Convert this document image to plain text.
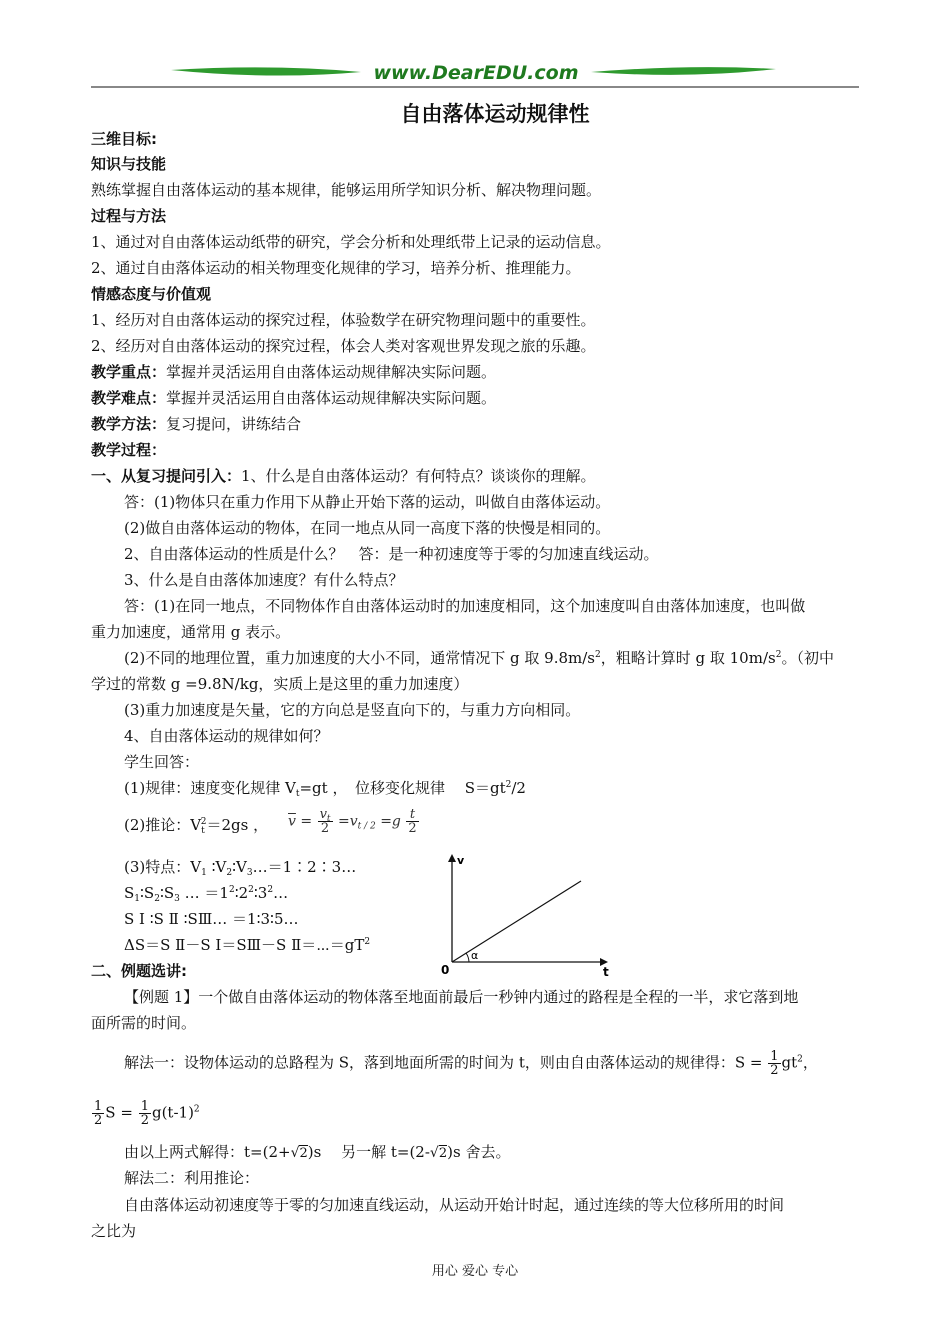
www.DearEDU.com
自由落体运动规律性
三维目标:
知识与技能
熟练掌握自由落体运动的基本规律，能够运用所学知识分析、解决物理问题。
过程与方法
1、通过对自由落体运动纸带的研究，学会分析和处理纸带上记录的运动信息。
2、通过自由落体运动的相关物理变化规律的学习，培养分析、推理能力。
情感态度与价值观
1、经历对自由落体运动的探究过程，体验数学在研究物理问题中的重要性。
2、经历对自由落体运动的探究过程，体会人类对客观世界发现之旅的乐趣。
教学重点：掌握并灵活运用自由落体运动规律解决实际问题。
教学难点：掌握并灵活运用自由落体运动规律解决实际问题。
教学方法：复习提问，讲练结合
教学过程：
一、从复习提问引入：1、什么是自由落体运动？有何特点？谈谈你的理解。
答：(1)物体只在重力作用下从静止开始下落的运动，叫做自由落体运动。
(2)做自由落体运动的物体，在同一地点从同一高度下落的快慢是相同的。
2、自由落体运动的性质是什么？　答：是一种初速度等于零的匀加速直线运动。
3、什么是自由落体加速度？有什么特点？
答：(1)在同一地点，不同物体作自由落体运动时的加速度相同，这个加速度叫自由落体加速度，也叫做
重力加速度，通常用 g 表示。
(2)不同的地理位置，重力加速度的大小不同，通常情况下 g 取 $9.8m/s^2$，粗略计算时 g 取 $10m/s^2$。（初中
学过的常数 g =9.8N/kg，实质上是这里的重力加速度）
(3)重力加速度是矢量，它的方向总是竖直向下的，与重力方向相同。
4、自由落体运动的规律如何？
学生回答：
(1)规律：速度变化规律 $V_t=gt$ ，　位移变化规律　 $S=gt^2/2$
(2)推论：$V_t^2=2gs$ ， $\overline{v} = \frac{v_t}{2} =v_{t / 2} =g \frac{t}{2}$
(3)特点：$V_1$ $∶V_2∶V_3\dots=1∶2∶3\dots$
$S_1∶S_2∶S_3$ … $=1^2∶2^2∶3^2\dots$
S Ⅰ ∶S Ⅱ ∶SⅢ… ＝1∶3∶5…
ΔS＝S Ⅱ－S Ⅰ＝SⅢ－S $Ⅱ=\cdots=gT^2$
v
t
0
α
二、例题选讲:
【例题 1】一个做自由落体运动的物体落至地面前最后一秒钟内通过的路程是全程的一半，求它落到地
面所需的时间。
解法一：设物体运动的总路程为 S，落到地面所需的时间为 t，则由自由落体运动的规律得：$S = \frac{1}{2} gt^2$，
$\frac{1}{2}$ $S = \frac{1}{2} g(t-1)^2$
由以上两式解得：t=(2+√2)s　 另一解 t=(2-√2)s 舍去。
解法二：利用推论：
自由落体运动初速度等于零的匀加速直线运动，从运动开始计时起，通过连续的等大位移所用的时间
之比为
用心 爱心 专心
